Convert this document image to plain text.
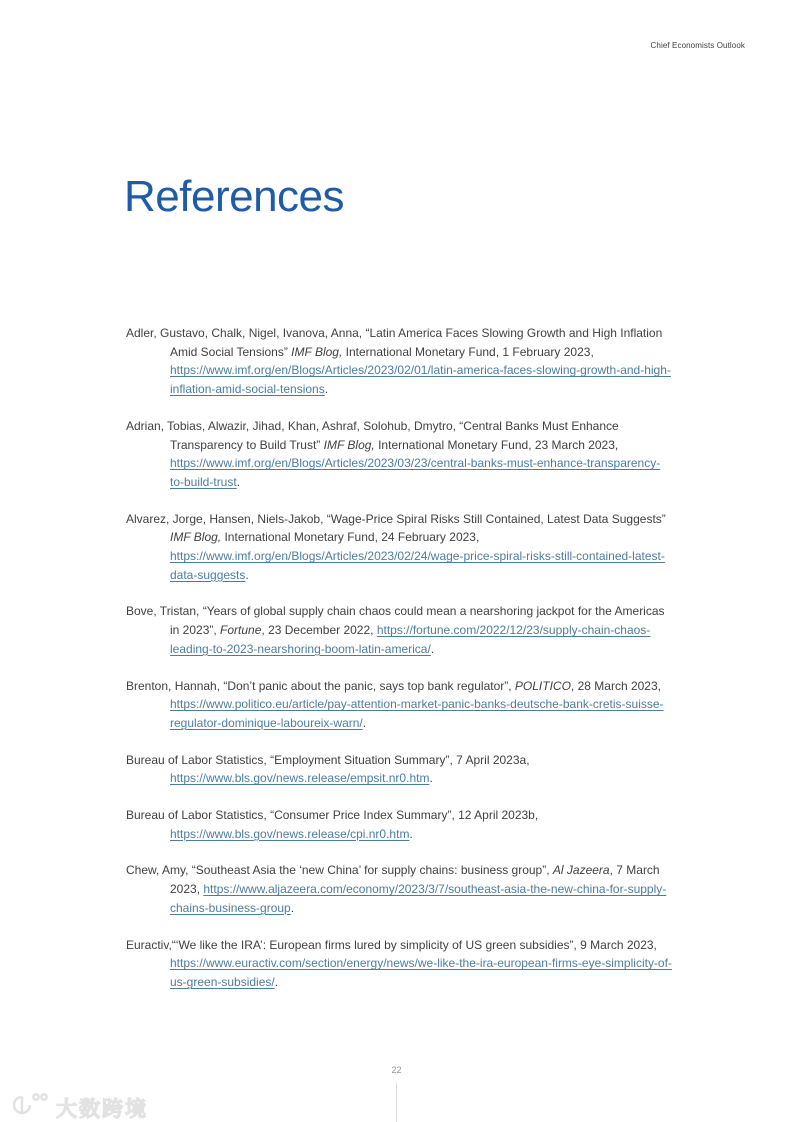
Chief Economists Outlook
References

Adler, Gustavo, Chalk, Nigel, Ivanova, Anna, “Latin America Faces Slowing Growth and High Inflation Amid Social Tensions” IMF Blog, International Monetary Fund, 1 February 2023, https://www.imf.org/en/Blogs/Articles/2023/02/01/latin-america-faces-slowing-growth-and-high-inflation-amid-social-tensions.

Adrian, Tobias, Alwazir, Jihad, Khan, Ashraf, Solohub, Dmytro, “Central Banks Must Enhance Transparency to Build Trust” IMF Blog, International Monetary Fund, 23 March 2023, https://www.imf.org/en/Blogs/Articles/2023/03/23/central-banks-must-enhance-transparency-to-build-trust.

Alvarez, Jorge, Hansen, Niels-Jakob, “Wage-Price Spiral Risks Still Contained, Latest Data Suggests” IMF Blog, International Monetary Fund, 24 February 2023, https://www.imf.org/en/Blogs/Articles/2023/02/24/wage-price-spiral-risks-still-contained-latest-data-suggests.

Bove, Tristan, “Years of global supply chain chaos could mean a nearshoring jackpot for the Americas in 2023”, Fortune, 23 December 2022, https://fortune.com/2022/12/23/supply-chain-chaos-leading-to-2023-nearshoring-boom-latin-america/.

Brenton, Hannah, “Don’t panic about the panic, says top bank regulator”, POLITICO, 28 March 2023, https://www.politico.eu/article/pay-attention-market-panic-banks-deutsche-bank-cretis-suisse-regulator-dominique-laboureix-warn/.

Bureau of Labor Statistics, “Employment Situation Summary”, 7 April 2023a, https://www.bls.gov/news.release/empsit.nr0.htm.

Bureau of Labor Statistics, “Consumer Price Index Summary”, 12 April 2023b, https://www.bls.gov/news.release/cpi.nr0.htm.

Chew, Amy, “Southeast Asia the ‘new China’ for supply chains: business group”, Al Jazeera, 7 March 2023, https://www.aljazeera.com/economy/2023/3/7/southeast-asia-the-new-china-for-supply-chains-business-group.

Euractiv,“‘We like the IRA’: European firms lured by simplicity of US green subsidies”, 9 March 2023, https://www.euractiv.com/section/energy/news/we-like-the-ira-european-firms-eye-simplicity-of-us-green-subsidies/.

22
大数跨境
